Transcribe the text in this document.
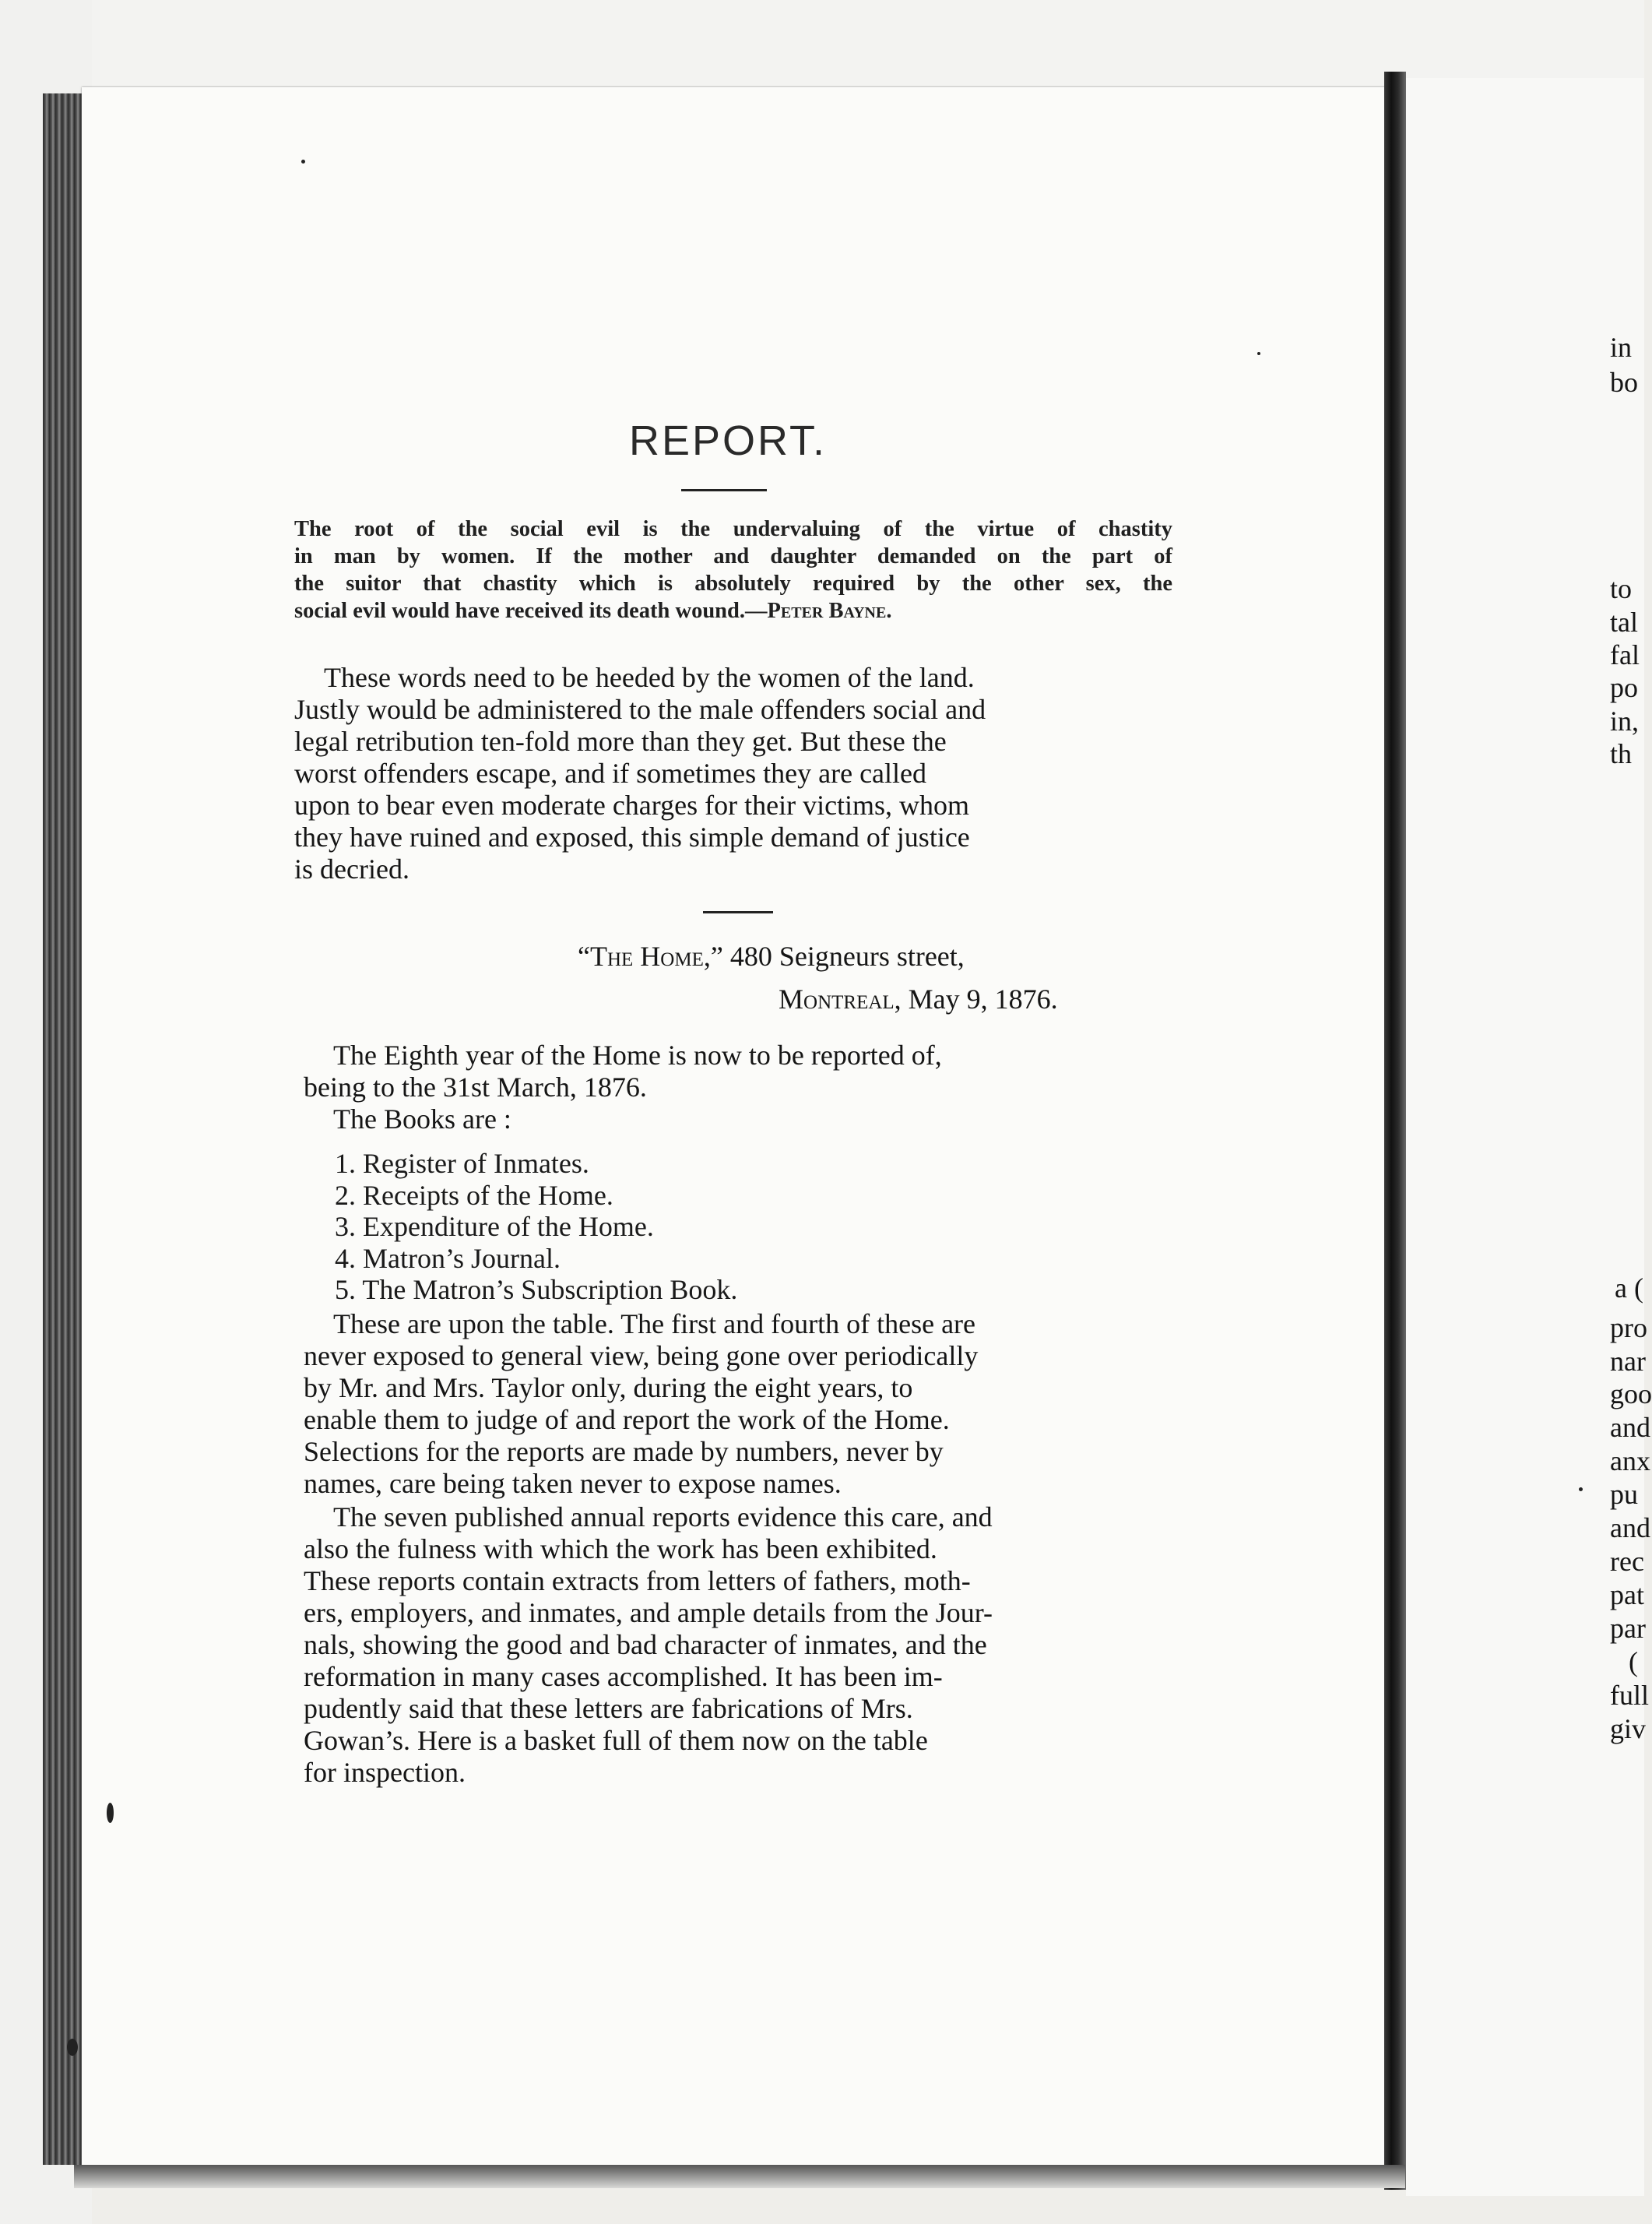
REPORT.
The root of the social evil is the undervaluing of the virtue of chastity
in man by women. If the mother and daughter demanded on the part of
the suitor that chastity which is absolutely required by the other sex, the
social evil would have received its death wound.—Peter Bayne.
These words need to be heeded by the women of the land.
Justly would be administered to the male offenders social and
legal retribution ten-fold more than they get. But these the
worst offenders escape, and if sometimes they are called
upon to bear even moderate charges for their victims, whom
they have ruined and exposed, this simple demand of justice
is decried.
“The Home,” 480 Seigneurs street,
Montreal, May 9, 1876.
The Eighth year of the Home is now to be reported of,
being to the 31st March, 1876.
The Books are :
1. Register of Inmates.
2. Receipts of the Home.
3. Expenditure of the Home.
4. Matron’s Journal.
5. The Matron’s Subscription Book.
These are upon the table. The first and fourth of these are
never exposed to general view, being gone over periodically
by Mr. and Mrs. Taylor only, during the eight years, to
enable them to judge of and report the work of the Home.
Selections for the reports are made by numbers, never by
names, care being taken never to expose names.
The seven published annual reports evidence this care, and
also the fulness with which the work has been exhibited.
These reports contain extracts from letters of fathers, moth-
ers, employers, and inmates, and ample details from the Jour-
nals, showing the good and bad character of inmates, and the
reformation in many cases accomplished. It has been im-
pudently said that these letters are fabrications of Mrs.
Gowan’s. Here is a basket full of them now on the table
for inspection.
in
bo
to
tal
fal
po
in,
th
a (
pro
nar
goo
and
anx
pu
and
rec
pat
par
(
full
giv
